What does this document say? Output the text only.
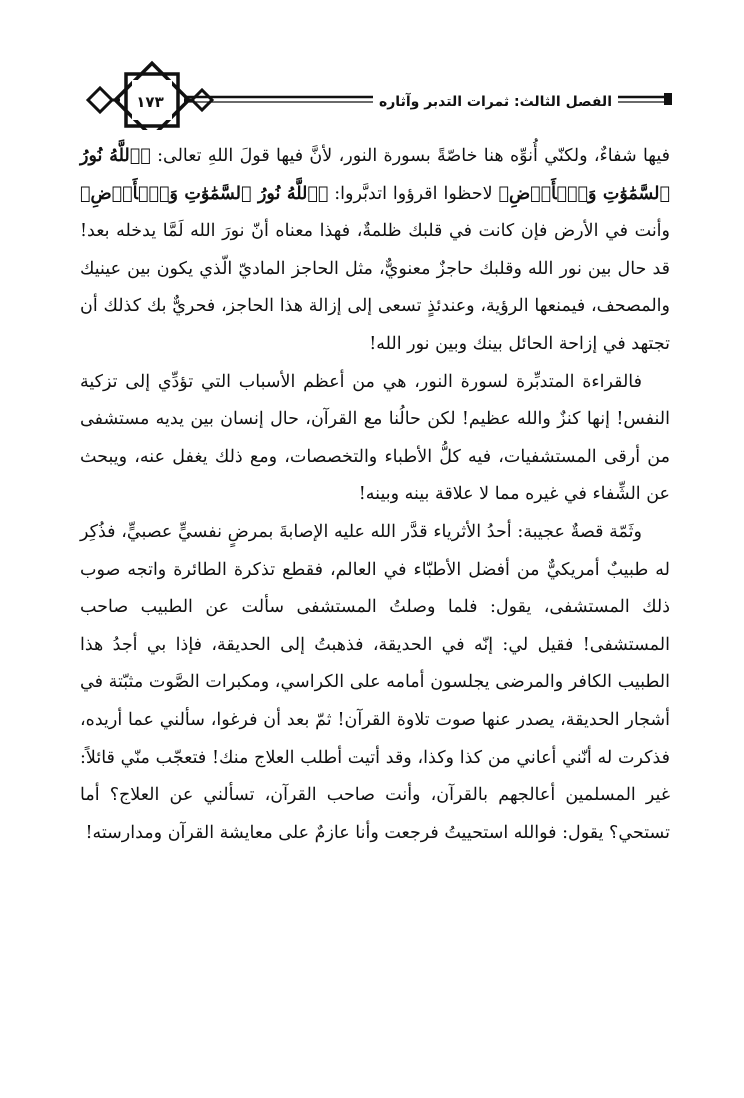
١٧٣	الفصل الثالث: ثمرات التدبر وآثاره

فيها شفاءٌ، ولكنّي أُنوِّه هنا خاصّةً بسورة النور، لأنَّ فيها قولَ اللهِ تعالى: ﴿ٱللَّهُ نُورُ ٱلسَّمَٰوَٰتِ وَٱلۡأَرۡضِ﴾ لاحظوا اقرؤوا اتدبَّروا: ﴿ٱللَّهُ نُورُ ٱلسَّمَٰوَٰتِ وَٱلۡأَرۡضِ﴾ وأنت في الأرض فإن كانت في قلبك ظلمةٌ، فهذا معناه أنّ نورَ الله لَمَّا يدخله بعد! قد حال بين نور الله وقلبك حاجزٌ معنويٌّ، مثل الحاجز الماديّ الّذي يكون بين عينيك والمصحف، فيمنعها الرؤية، وعندئذٍ تسعى إلى إزالة هذا الحاجز، فحريٌّ بك كذلك أن تجتهد في إزاحة الحائل بينك وبين نور الله!

فالقراءة المتدبِّرة لسورة النور، هي من أعظم الأسباب التي تؤدِّي إلى تزكية النفس! إنها كنزٌ والله عظيم! لكن حالُنا مع القرآن، حال إنسان بين يديه مستشفى من أرقى المستشفيات، فيه كلُّ الأطباء والتخصصات، ومع ذلك يغفل عنه، ويبحث عن الشِّفاء في غيره مما لا علاقة بينه وبينه!

وثَمّة قصةٌ عجيبة: أحدُ الأثرياء قدَّر الله عليه الإصابةَ بمرضٍ نفسيٍّ عصبيٍّ، فذُكِر له طبيبٌ أمريكيٌّ من أفضل الأطبّاء في العالم، فقطع تذكرة الطائرة واتجه صوب ذلك المستشفى، يقول: فلما وصلتُ المستشفى سألت عن الطبيب صاحب المستشفى! فقيل لي: إنّه في الحديقة، فذهبتُ إلى الحديقة، فإذا بي أجدُ هذا الطبيب الكافر والمرضى يجلسون أمامه على الكراسي، ومكبرات الصَّوت مثبّتة في أشجار الحديقة، يصدر عنها صوت تلاوة القرآن! ثمّ بعد أن فرغوا، سألني عما أريده، فذكرت له أنّني أعاني من كذا وكذا، وقد أتيت أطلب العلاج منك! فتعجّب منّي قائلاً: غير المسلمين أعالجهم بالقرآن، وأنت صاحب القرآن، تسألني عن العلاج؟ أما تستحي؟ يقول: فوالله استحييتُ فرجعت وأنا عازمٌ على معايشة القرآن ومدارسته!
